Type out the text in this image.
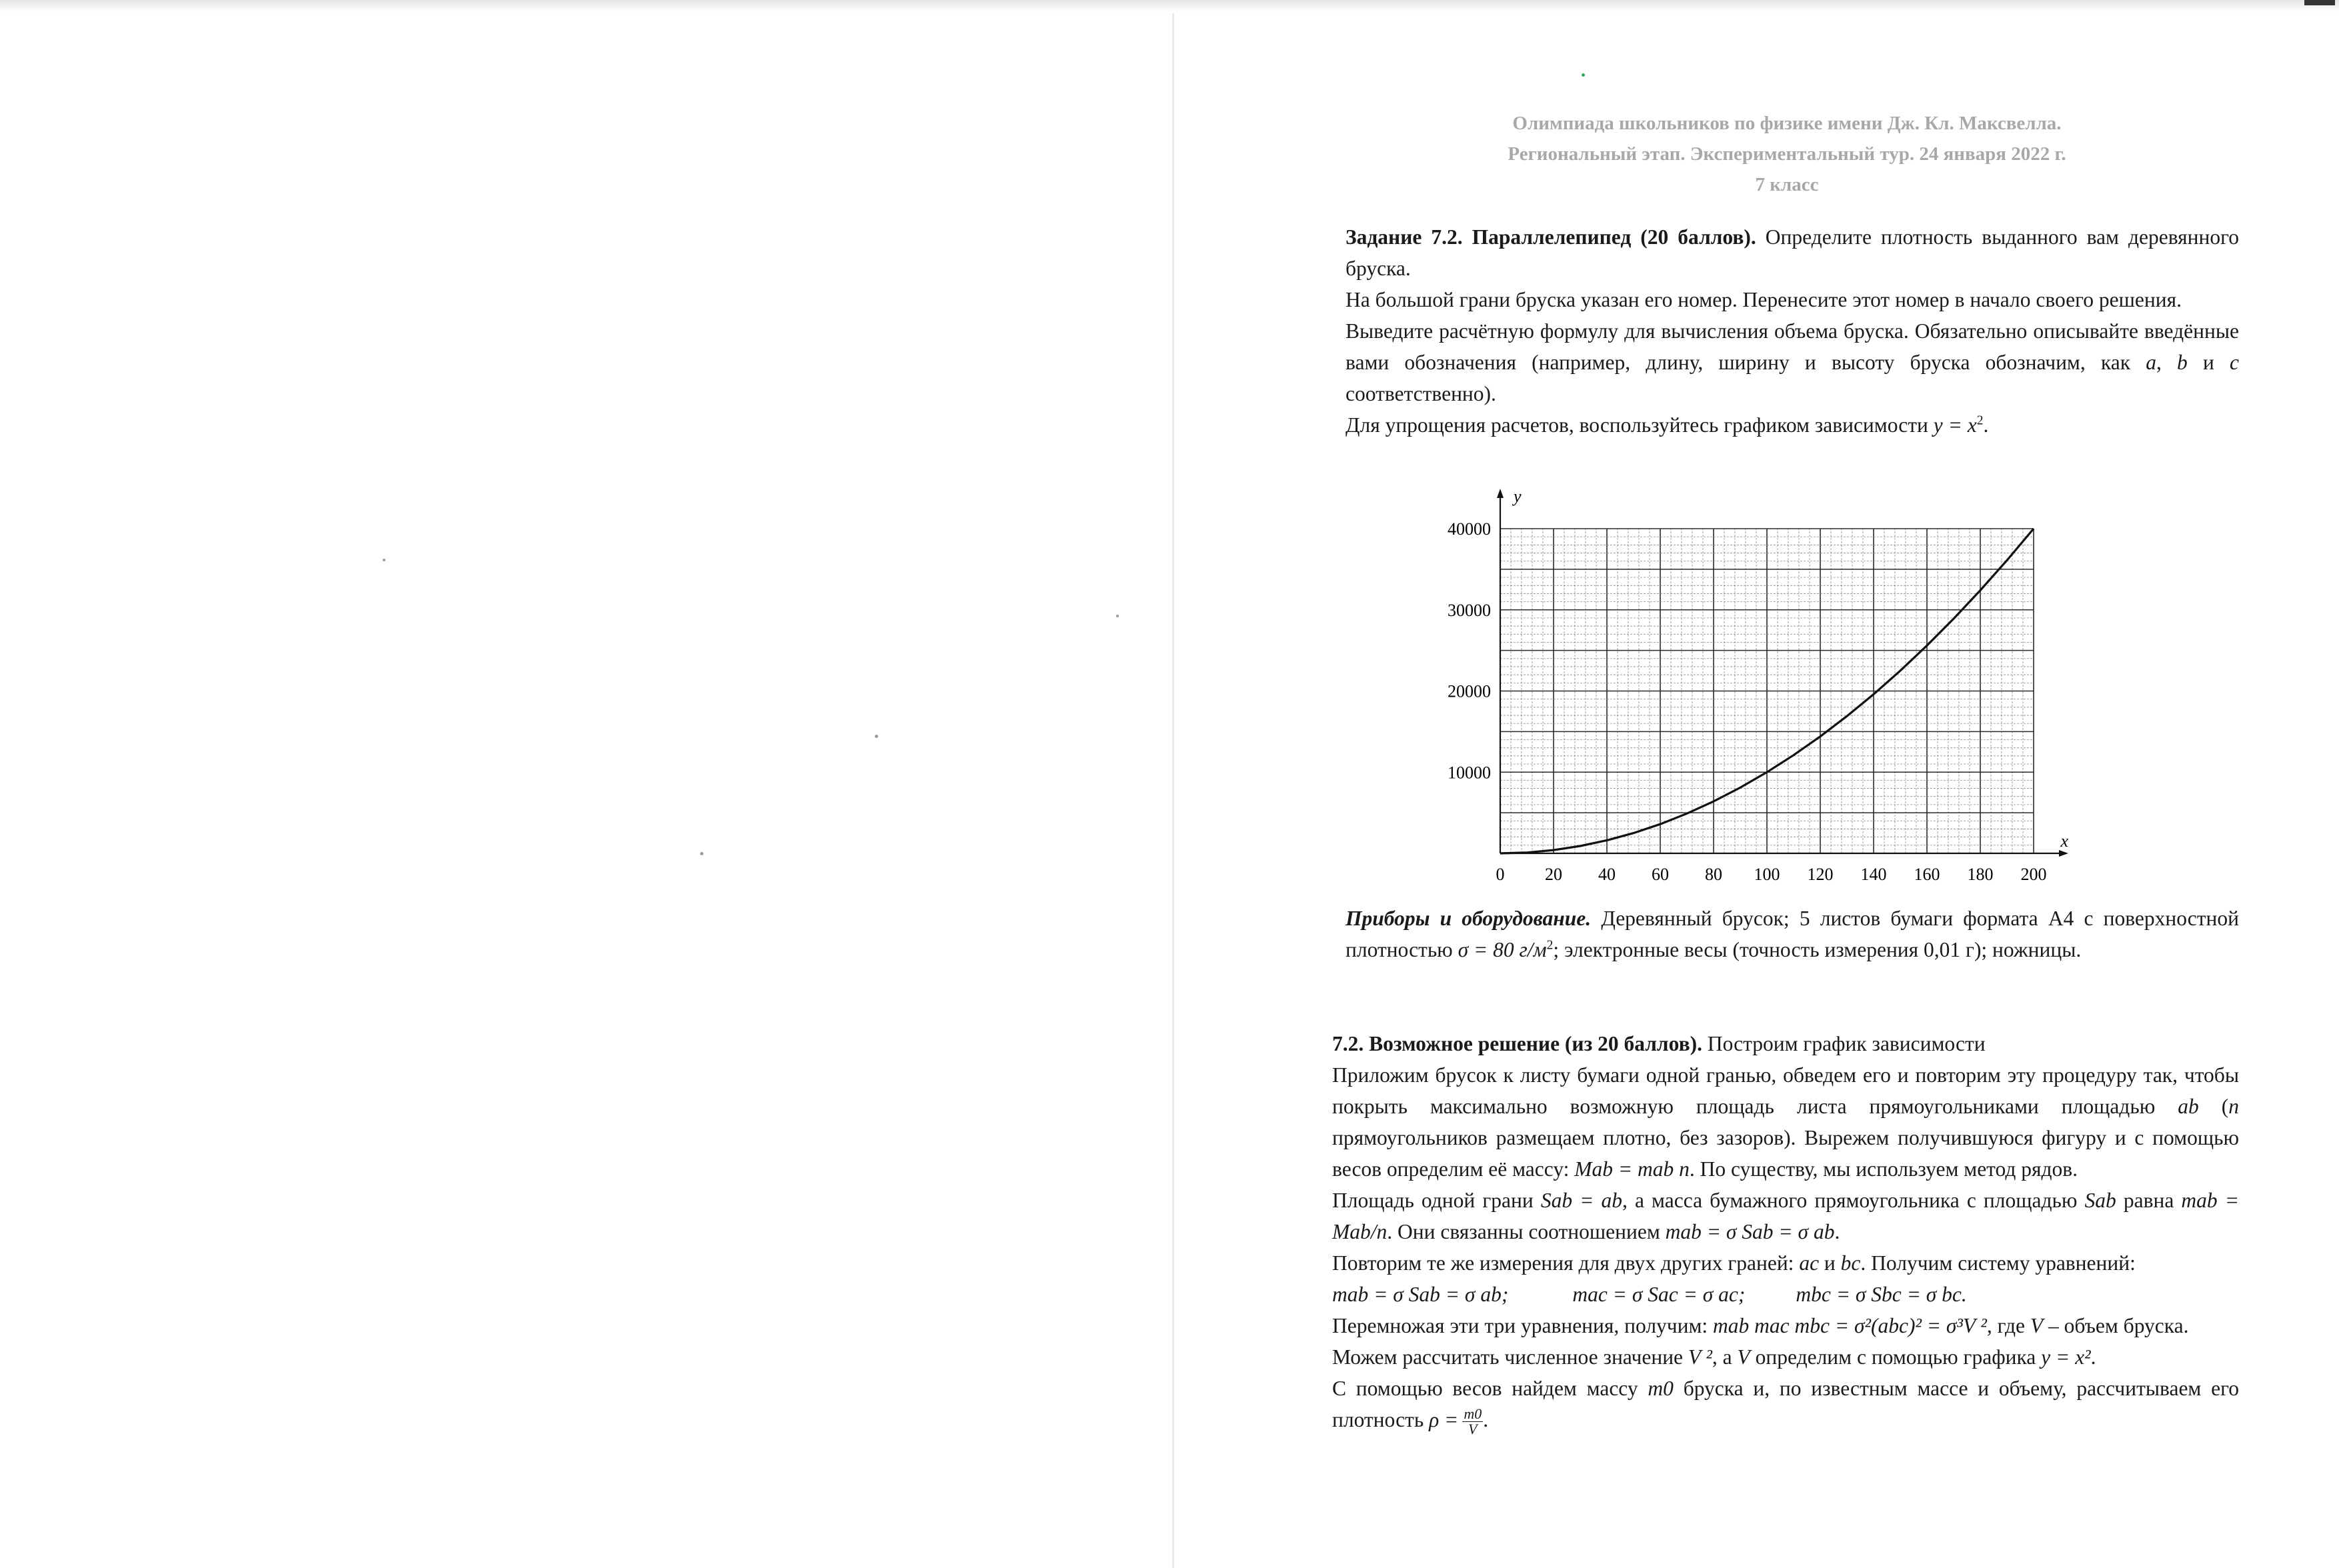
Олимпиада школьников по физике имени Дж. Кл. Максвелла.
Региональный этап. Экспериментальный тур. 24 января 2022 г.
7 класс

Задание 7.2. Параллелепипед (20 баллов). Определите плотность выданного вам деревянного бруска.

На большой грани бруска указан его номер. Перенесите этот номер в начало своего решения.

Выведите расчётную формулу для вычисления объема бруска. Обязательно описывайте введённые вами обозначения (например, длину, ширину и высоту бруска обозначим, как a, b и c соответственно).

Для упрощения расчетов, воспользуйтесь графиком зависимости $y = x^2$.

x
y
0 20 40 60 80 100 120 140 160 180 200
10000
20000
30000
40000

Приборы и оборудование. Деревянный брусок; 5 листов бумаги формата A4 с поверхностной плотностью σ = 80 $г/м^2$; электронные весы (точность измерения 0,01 г); ножницы.

7.2. Возможное решение (из 20 баллов). Построим график зависимости

Приложим брусок к листу бумаги одной гранью, обведем его и повторим эту процедуру так, чтобы покрыть максимально возможную площадь листа прямоугольниками площадью ab (n прямоугольников размещаем плотно, без зазоров). Вырежем получившуюся фигуру и с помощью весов определим её массу: Mab = mab n. По существу, мы используем метод рядов.

Площадь одной грани Sab = ab, а масса бумажного прямоугольника с площадью Sab равна mab = Mab/n. Они связанны соотношением mab = σ Sab = σ ab.

Повторим те же измерения для двух других граней: ac и bc. Получим систему уравнений:

mab = σ Sab = σ ab;	mac = σ Sac = σ ac; mbc = σ Sbc = σ bc.

Перемножая эти три уравнения, получим: mab mac mbc = σ²(abc)² = σ³V ², где V – объем бруска.

Можем рассчитать численное значение V ², а V определим с помощью графика y = x².

С помощью весов найдем массу m0 бруска и, по известным массе и объему, рассчитываем его плотность $\rho = \frac{m0}{V}$ .
